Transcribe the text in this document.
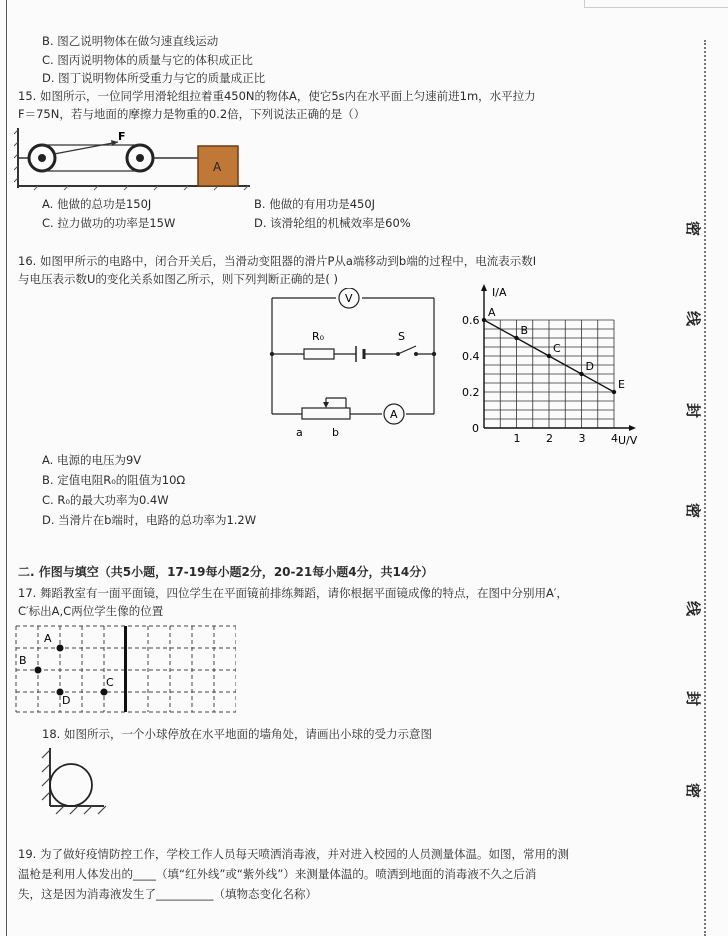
密
线
封
密
线
封
密
B. 图乙说明物体在做匀速直线运动
C. 图丙说明物体的质量与它的体积成正比
D. 图丁说明物体所受重力与它的质量成正比
15. 如图所示，一位同学用滑轮组拉着重450N的物体A，使它5s内在水平面上匀速前进1m，水平拉力
F＝75N，若与地面的摩擦力是物重的0.2倍，下列说法正确的是（）
F
A
A. 他做的总功是150J	B. 他做的有用功是450J
C. 拉力做功的功率是15W	D. 该滑轮组的机械效率是60%
16. 如图甲所示的电路中，闭合开关后，当滑动变阻器的滑片P从a端移动到b端的过程中，电流表示数I
与电压表示数U的变化关系如图乙所示，则下列判断正确的是( )
V
R₀	S
A
a	b	1 2 3 4
0.6
0.4
0.2
A
B
C
D
E
U/V
I/A
0
A. 电源的电压为9V
B. 定值电阻R₀的阻值为10Ω
C. R₀的最大功率为0.4W
D. 当滑片在b端时，电路的总功率为1.2W
二. 作图与填空（共5小题，17-19每小题2分，20-21每小题4分，共14分）
17. 舞蹈教室有一面平面镜，四位学生在平面镜前排练舞蹈，请你根据平面镜成像的特点，在图中分别用A′，
C′标出A,C两位学生像的位置
A
B
C
D
18. 如图所示，一个小球停放在水平地面的墙角处，请画出小球的受力示意图
19. 为了做好疫情防控工作，学校工作人员每天喷洒消毒液，并对进入校园的人员测量体温。如图，常用的测
温枪是利用人体发出的____（填“红外线”或“紫外线”）来测量体温的。喷洒到地面的消毒液不久之后消
失，这是因为消毒液发生了__________（填物态变化名称）
